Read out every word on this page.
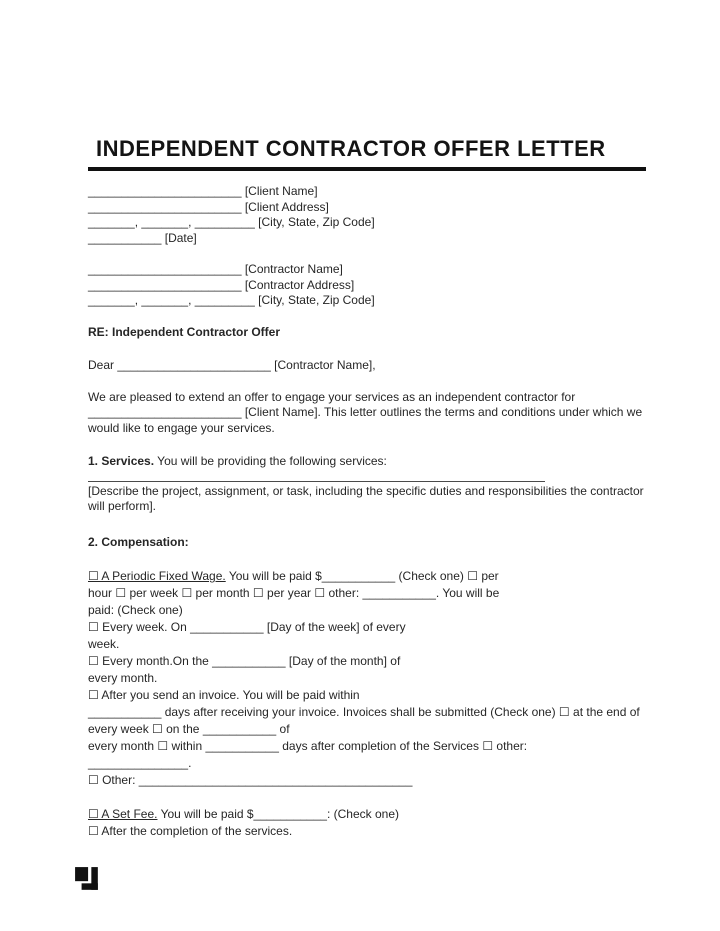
INDEPENDENT CONTRACTOR OFFER LETTER
_______________________ [Client Name]
_______________________ [Client Address]
_______, _______, _________ [City, State, Zip Code]
___________ [Date]
_______________________ [Contractor Name]
_______________________ [Contractor Address]
_______, _______, _________ [City, State, Zip Code]
RE: Independent Contractor Offer
Dear _______________________ [Contractor Name],
We are pleased to extend an offer to engage your services as an independent contractor for
_______________________ [Client Name]. This letter outlines the terms and conditions under which we
would like to engage your services.
1. Services. You will be providing the following services:
[Describe the project, assignment, or task, including the specific duties and responsibilities the contractor
will perform].
2. Compensation:
☐ A Periodic Fixed Wage. You will be paid $___________ (Check one) ☐ per
hour ☐ per week ☐ per month ☐ per year ☐ other: ___________. You will be
paid: (Check one)
☐ Every week. On ___________ [Day of the week] of every
week.
☐ Every month.On the ___________ [Day of the month] of
every month.
☐ After you send an invoice. You will be paid within
___________ days after receiving your invoice. Invoices shall be submitted (Check one) ☐ at the end of
every week ☐ on the ___________ of
every month ☐ within ___________ days after completion of the Services ☐ other:
_______________.
☐ Other: _________________________________________
☐ A Set Fee. You will be paid $___________: (Check one)
☐ After the completion of the services.
